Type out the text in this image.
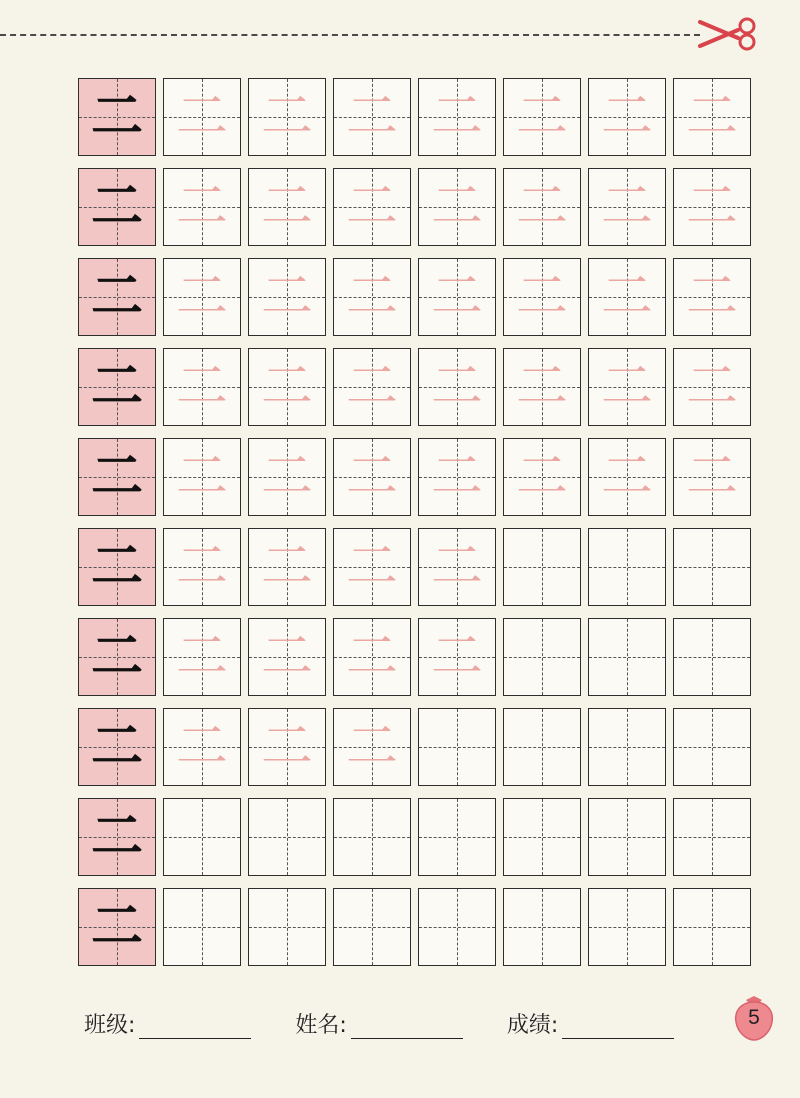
二 二 二 二 二 二 二 二
二 二 二 二 二 二 二 二
二 二 二 二 二 二 二 二
二 二 二 二 二 二 二 二
二 二 二 二 二 二 二 二
二 二 二 二 二
二 二 二 二 二
二 二 二 二
二
二
班级:	姓名:	成绩:	5
